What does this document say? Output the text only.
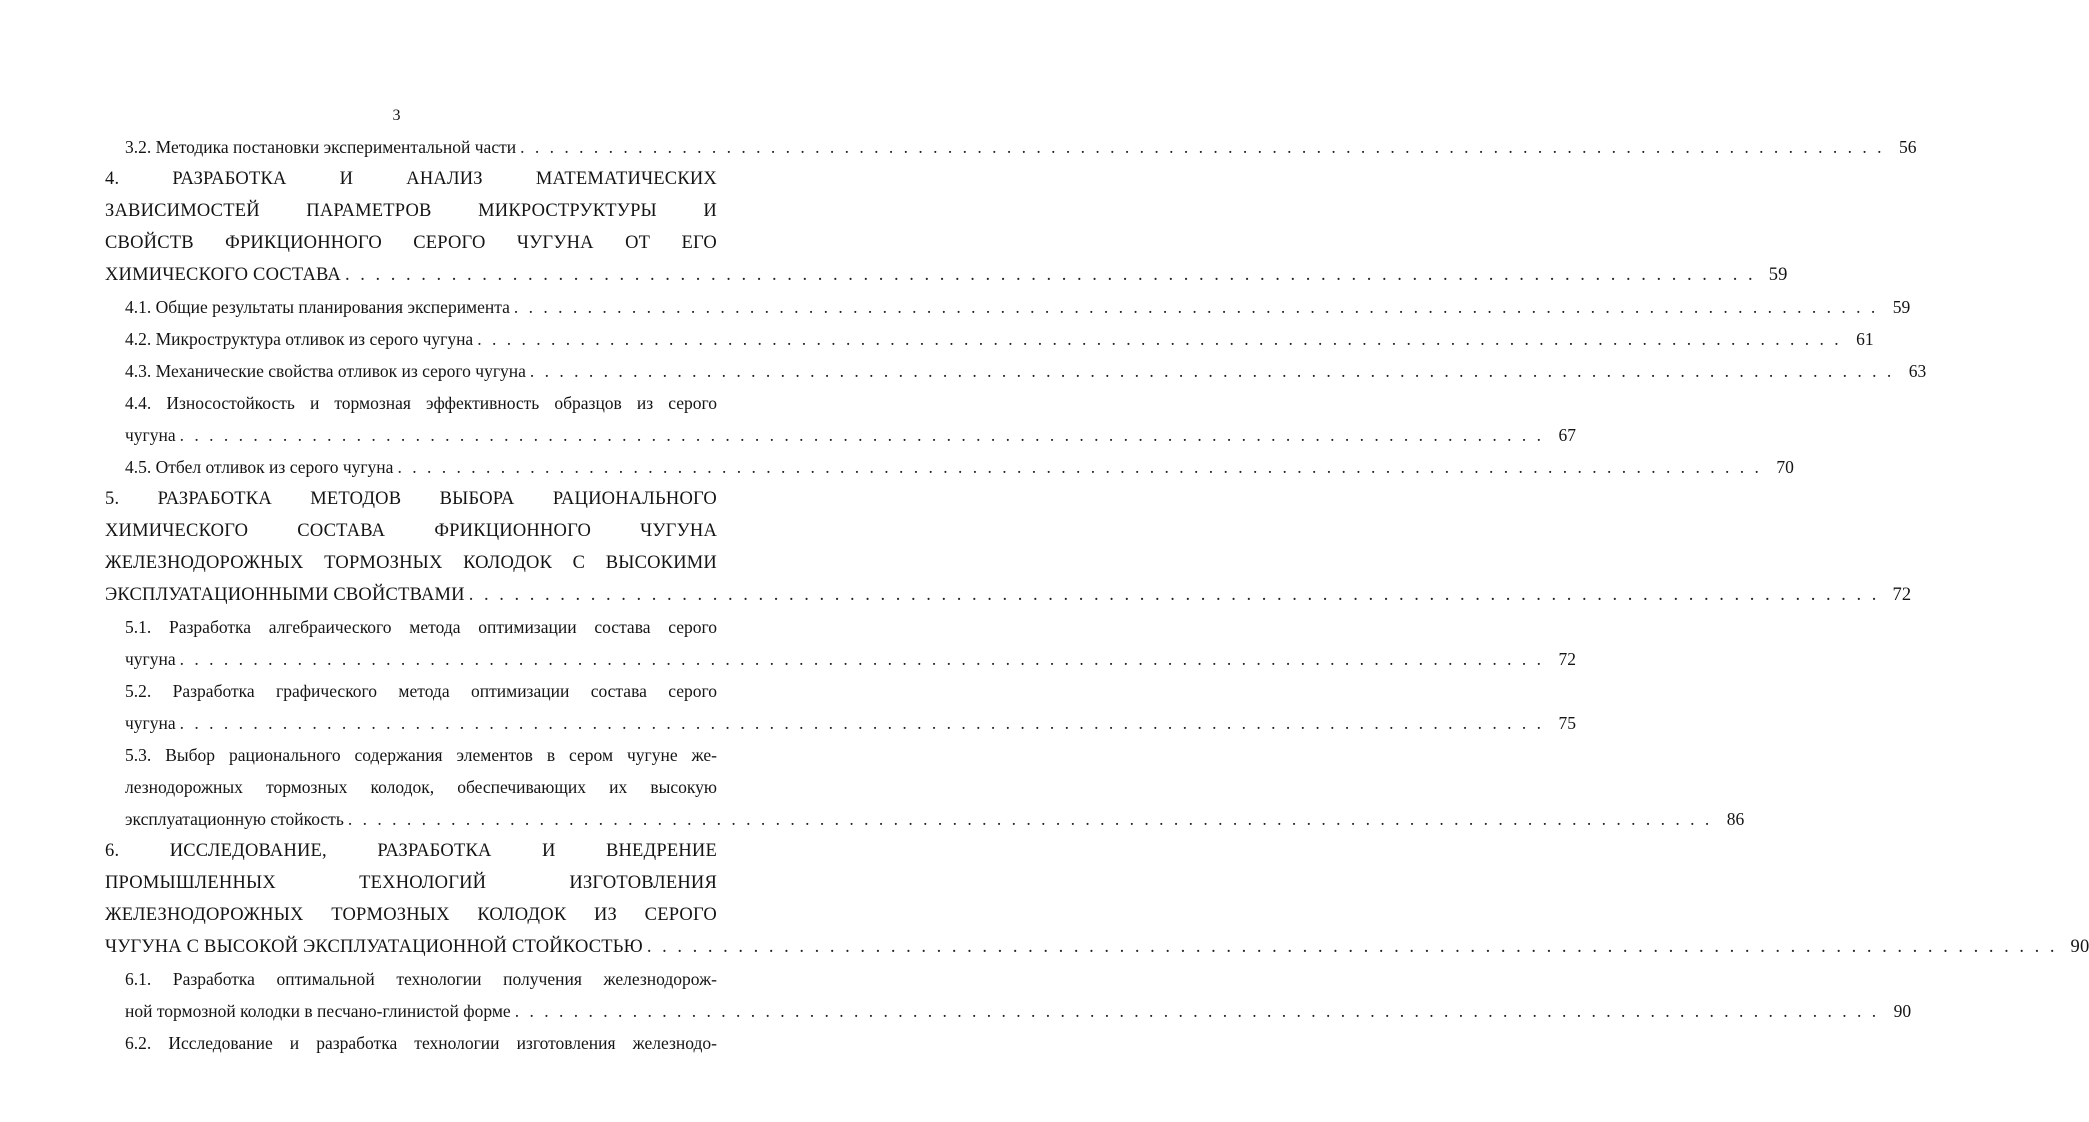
3
3.2. Методика постановки экспериментальной части . . . . . . . . . . . . . . . . . . . . . . . . . . . . . . . . . . . . . . . . . . . . . . . . . . . . . . . . . . . . . . . . . . . . . . . . . . . . . . . . . . . . . . . . . . . . . 56
4. РАЗРАБОТКА И АНАЛИЗ МАТЕМАТИЧЕСКИХ
ЗАВИСИМОСТЕЙ ПАРАМЕТРОВ МИКРОСТРУКТУРЫ И
СВОЙСТВ ФРИКЦИОННОГО СЕРОГО ЧУГУНА ОТ ЕГО
ХИМИЧЕСКОГО СОСТАВА . . . . . . . . . . . . . . . . . . . . . . . . . . . . . . . . . . . . . . . . . . . . . . . . . . . . . . . . . . . . . . . . . . . . . . . . . . . . . . . . . . . . . . . . . . . . . 59
4.1. Общие результаты планирования эксперимента . . . . . . . . . . . . . . . . . . . . . . . . . . . . . . . . . . . . . . . . . . . . . . . . . . . . . . . . . . . . . . . . . . . . . . . . . . . . . . . . . . . . . . . . . . . . . 59
4.2. Микроструктура отливок из серого чугуна . . . . . . . . . . . . . . . . . . . . . . . . . . . . . . . . . . . . . . . . . . . . . . . . . . . . . . . . . . . . . . . . . . . . . . . . . . . . . . . . . . . . . . . . . . . . . 61
4.3. Механические свойства отливок из серого чугуна . . . . . . . . . . . . . . . . . . . . . . . . . . . . . . . . . . . . . . . . . . . . . . . . . . . . . . . . . . . . . . . . . . . . . . . . . . . . . . . . . . . . . . . . . . . . . 63
4.4. Износостойкость и тормозная эффективность образцов из серого
чугуна . . . . . . . . . . . . . . . . . . . . . . . . . . . . . . . . . . . . . . . . . . . . . . . . . . . . . . . . . . . . . . . . . . . . . . . . . . . . . . . . . . . . . . . . . . . . . 67
4.5. Отбел отливок из серого чугуна . . . . . . . . . . . . . . . . . . . . . . . . . . . . . . . . . . . . . . . . . . . . . . . . . . . . . . . . . . . . . . . . . . . . . . . . . . . . . . . . . . . . . . . . . . . . . 70
5. РАЗРАБОТКА МЕТОДОВ ВЫБОРА РАЦИОНАЛЬНОГО
ХИМИЧЕСКОГО СОСТАВА ФРИКЦИОННОГО ЧУГУНА
ЖЕЛЕЗНОДОРОЖНЫХ ТОРМОЗНЫХ КОЛОДОК С ВЫСОКИМИ
ЭКСПЛУАТАЦИОННЫМИ СВОЙСТВАМИ . . . . . . . . . . . . . . . . . . . . . . . . . . . . . . . . . . . . . . . . . . . . . . . . . . . . . . . . . . . . . . . . . . . . . . . . . . . . . . . . . . . . . . . . . . . . . 72
5.1. Разработка алгебраического метода оптимизации состава серого
чугуна . . . . . . . . . . . . . . . . . . . . . . . . . . . . . . . . . . . . . . . . . . . . . . . . . . . . . . . . . . . . . . . . . . . . . . . . . . . . . . . . . . . . . . . . . . . . . 72
5.2. Разработка графического метода оптимизации состава серого
чугуна . . . . . . . . . . . . . . . . . . . . . . . . . . . . . . . . . . . . . . . . . . . . . . . . . . . . . . . . . . . . . . . . . . . . . . . . . . . . . . . . . . . . . . . . . . . . . 75
5.3. Выбор рационального содержания элементов в сером чугуне же-
лезнодорожных тормозных колодок, обеспечивающих их высокую
эксплуатационную стойкость . . . . . . . . . . . . . . . . . . . . . . . . . . . . . . . . . . . . . . . . . . . . . . . . . . . . . . . . . . . . . . . . . . . . . . . . . . . . . . . . . . . . . . . . . . . . . 86
6. ИССЛЕДОВАНИЕ, РАЗРАБОТКА И ВНЕДРЕНИЕ
ПРОМЫШЛЕННЫХ ТЕХНОЛОГИЙ ИЗГОТОВЛЕНИЯ
ЖЕЛЕЗНОДОРОЖНЫХ ТОРМОЗНЫХ КОЛОДОК ИЗ СЕРОГО
ЧУГУНА С ВЫСОКОЙ ЭКСПЛУАТАЦИОННОЙ СТОЙКОСТЬЮ . . . . . . . . . . . . . . . . . . . . . . . . . . . . . . . . . . . . . . . . . . . . . . . . . . . . . . . . . . . . . . . . . . . . . . . . . . . . . . . . . . . . . . . . . . . . . 90
6.1. Разработка оптимальной технологии получения железнодорож-
ной тормозной колодки в песчано-глинистой форме . . . . . . . . . . . . . . . . . . . . . . . . . . . . . . . . . . . . . . . . . . . . . . . . . . . . . . . . . . . . . . . . . . . . . . . . . . . . . . . . . . . . . . . . . . . . . 90
6.2. Исследование и разработка технологии изготовления железнодо-
